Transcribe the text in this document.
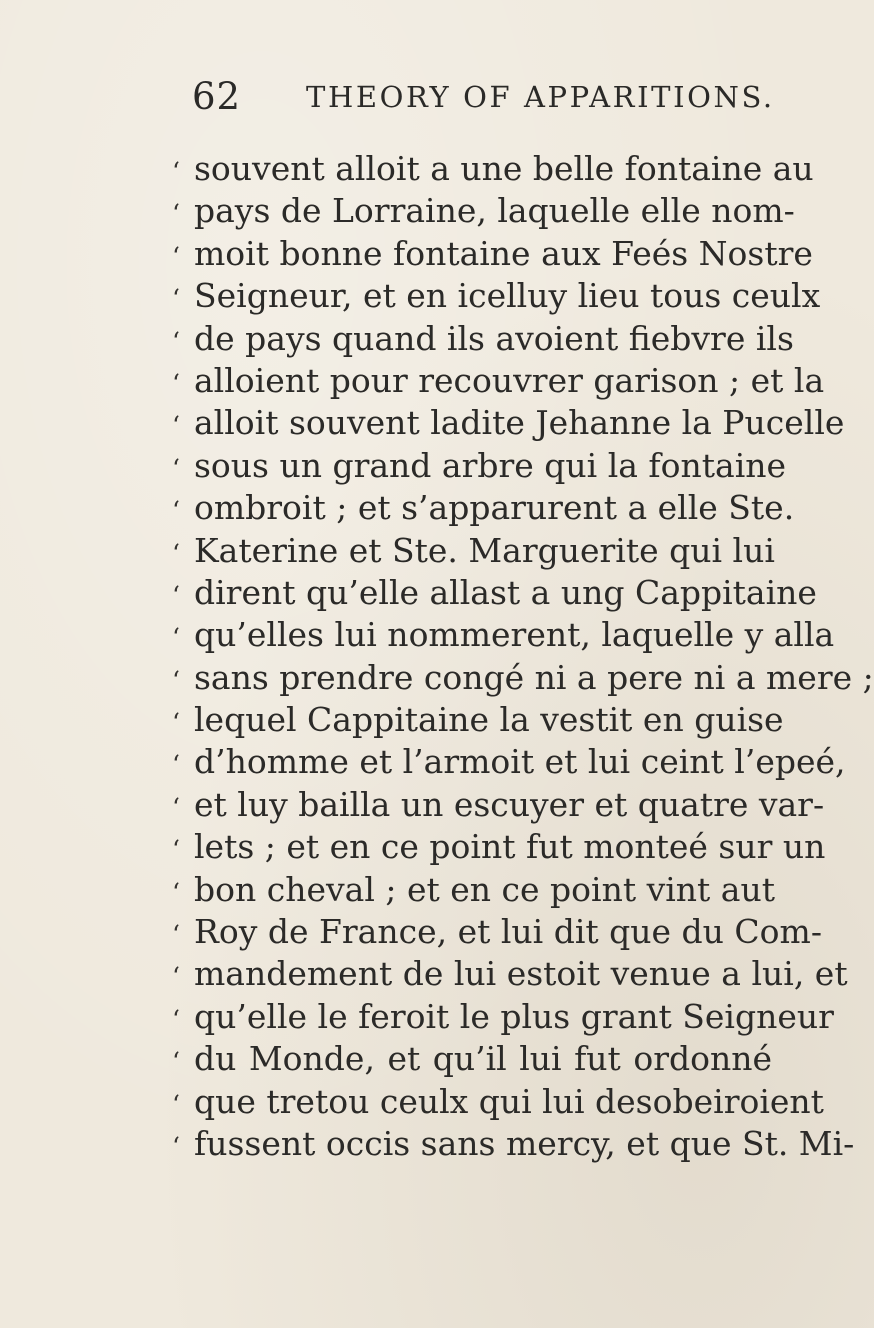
62 THEORY OF APPARITIONS.
‘ souvent alloit a une belle fontaine au
‘ pays de Lorraine, laquelle elle nom-
‘ moit bonne fontaine aux Feés Nostre
‘ Seigneur, et en icelluy lieu tous ceulx
‘ de pays quand ils avoient fiebvre ils
‘ alloient pour recouvrer garison ; et la
‘ alloit souvent ladite Jehanne la Pucelle
‘ sous un grand arbre qui la fontaine
‘ ombroit ; et s’apparurent a elle Ste.
‘ Katerine et Ste. Marguerite qui lui
‘ dirent qu’elle allast a ung Cappitaine
‘ qu’elles lui nommerent, laquelle y alla
‘ sans prendre congé ni a pere ni a mere ;
‘ lequel Cappitaine la vestit en guise
‘ d’homme et l’armoit et lui ceint l’epeé,
‘ et luy bailla un escuyer et quatre var-
‘ lets ; et en ce point fut monteé sur un
‘ bon cheval ; et en ce point vint aut
‘ Roy de France, et lui dit que du Com-
‘ mandement de lui estoit venue a lui, et
‘ qu’elle le feroit le plus grant Seigneur
‘ du Monde, et qu’il lui fut ordonné
‘ que tretou ceulx qui lui desobeiroient
‘ fussent occis sans mercy, et que St. Mi-
